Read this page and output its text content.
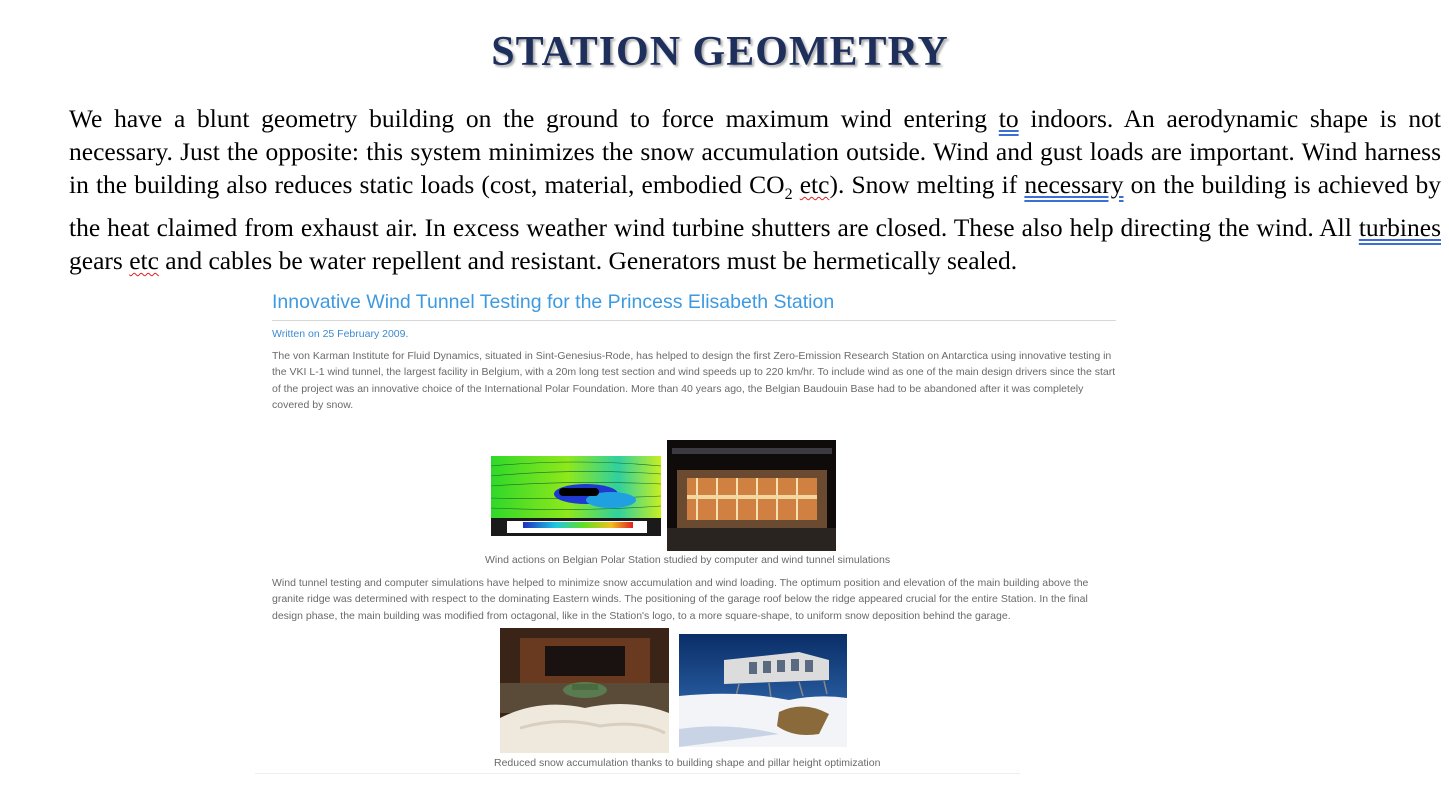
STATION GEOMETRY

We have a blunt geometry building on the ground to force maximum wind entering to indoors. An aerodynamic shape is not necessary. Just the opposite: this system minimizes the snow accumulation outside. Wind and gust loads are important. Wind harness in the building also reduces static loads (cost, material, embodied $CO_2$ etc). Snow melting if necessary on the building is achieved by the heat claimed from exhaust air. In excess weather wind turbine shutters are closed. These also help directing the wind. All turbines gears etc and cables be water repellent and resistant. Generators must be hermetically sealed.

Innovative Wind Tunnel Testing for the Princess Elisabeth Station
Written on 25 February 2009.

The von Karman Institute for Fluid Dynamics, situated in Sint-Genesius-Rode, has helped to design the first Zero-Emission Research Station on Antarctica using innovative testing in the VKI L-1 wind tunnel, the largest facility in Belgium, with a 20m long test section and wind speeds up to 220 km/hr. To include wind as one of the main design drivers since the start of the project was an innovative choice of the International Polar Foundation. More than 40 years ago, the Belgian Baudouin Base had to be abandoned after it was completely covered by snow.

Wind actions on Belgian Polar Station studied by computer and wind tunnel simulations

Wind tunnel testing and computer simulations have helped to minimize snow accumulation and wind loading. The optimum position and elevation of the main building above the granite ridge was determined with respect to the dominating Eastern winds. The positioning of the garage roof below the ridge appeared crucial for the entire Station. In the final design phase, the main building was modified from octagonal, like in the Station's logo, to a more square-shape, to uniform snow deposition behind the garage.

Reduced snow accumulation thanks to building shape and pillar height optimization
